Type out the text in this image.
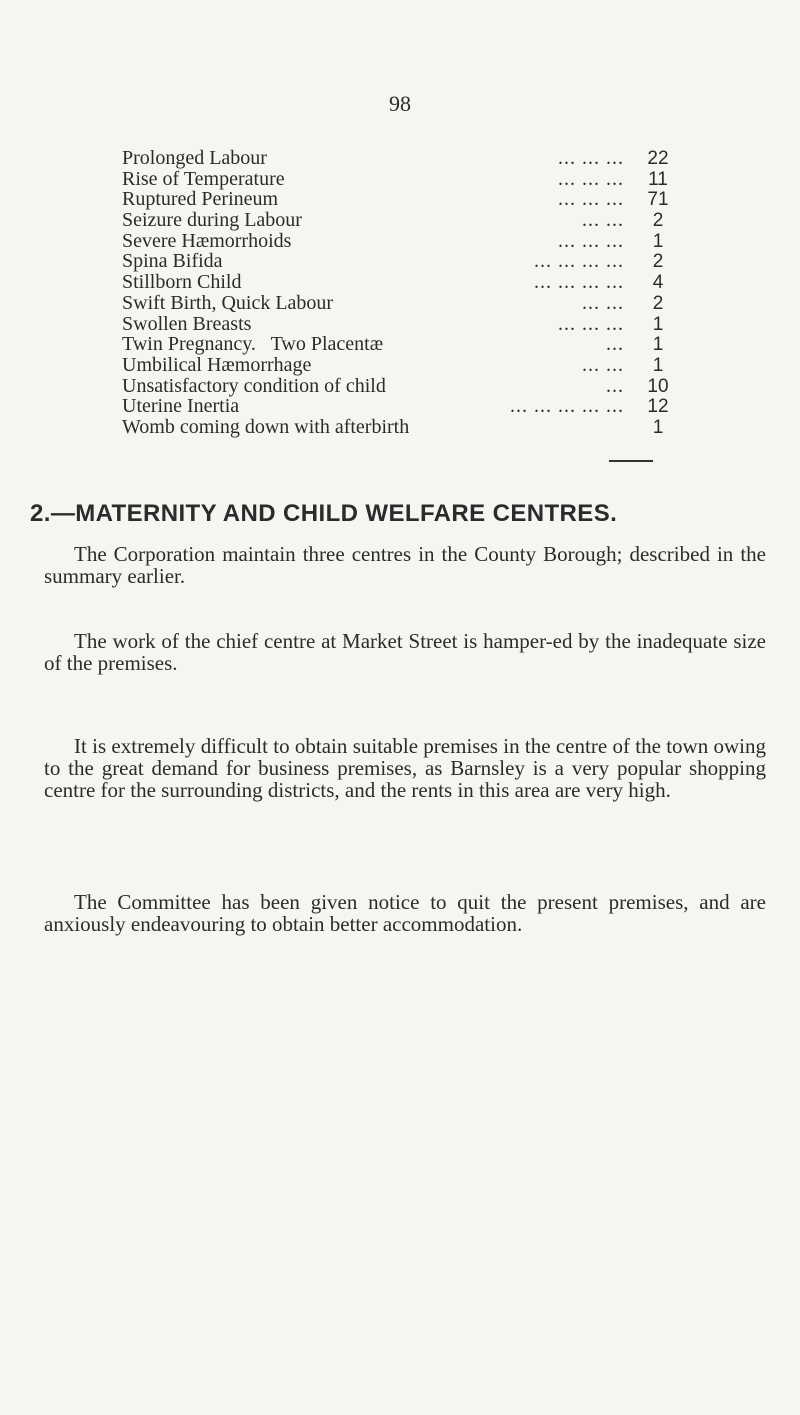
98
Prolonged Labour	... ... ...	22
Rise of Temperature	... ... ...	11
Ruptured Perineum	... ... ...	71
Seizure during Labour	... ...	2
Severe Hæmorrhoids	... ... ...	1
Spina Bifida	... ... ... ...	2
Stillborn Child	... ... ... ...	4
Swift Birth, Quick Labour	... ...	2
Swollen Breasts	... ... ...	1
Twin Pregnancy.   Two Placentæ	...	1
Umbilical Hæmorrhage	... ...	1
Unsatisfactory condition of child	...	10
Uterine Inertia	... ... ... ... ...	12
Womb coming down with afterbirth	1
2.—MATERNITY AND CHILD WELFARE CENTRES.

The Corporation maintain three centres in the County Borough; described in the summary earlier.

The work of the chief centre at Market Street is hamper-ed by the inadequate size of the premises.

It is extremely difficult to obtain suitable premises in the centre of the town owing to the great demand for business premises, as Barnsley is a very popular shopping centre for the surrounding districts, and the rents in this area are very high.

The Committee has been given notice to quit the present premises, and are anxiously endeavouring to obtain better accommodation.
